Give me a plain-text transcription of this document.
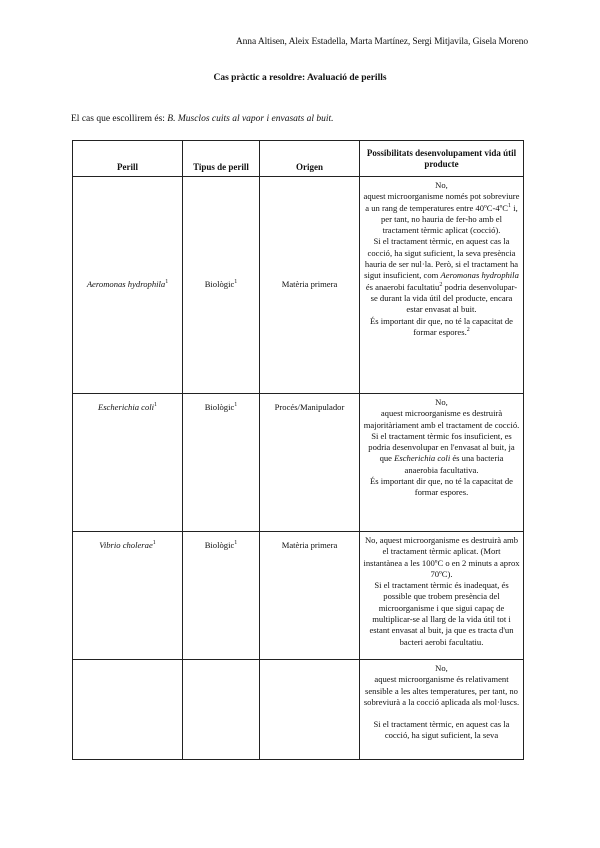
Anna Altisen, Aleix Estadella, Marta Martínez, Sergi Mitjavila, Gisela Moreno
Cas pràctic a resoldre: Avaluació de perills
El cas que escollirem és: B. Musclos cuits al vapor i envasats al buit.
Perill	Tipus de perill	Origen	Possibilitats desenvolupament vida útil producte
Aeromonas hydrophila$^1$	Biològic$^1$	Matèria primera	No,
aquest microorganisme només pot sobreviure a un rang de temperatures entre 40ºC-4ºC$^1$ i, per tant, no hauria de fer-ho amb el tractament tèrmic aplicat (cocció).
Si el tractament tèrmic, en aquest cas la cocció, ha sigut suficient, la seva presència hauria de ser nul·la. Però, si el tractament ha sigut insuficient, com Aeromonas hydrophila és anaerobi facultatiu$^2$ podria desenvolupar-se durant la vida útil del producte, encara estar envasat al buit.
És important dir que, no té la capacitat de formar espores.$^2$

Escherichia coli$^1$	Biològic$^1$	Procés/Manipulador	No,
aquest microorganisme es destruirà majoritàriament amb el tractament de cocció.
Si el tractament tèrmic fos insuficient, es podria desenvolupar en l'envasat al buit, ja que Escherichia coli és una bacteria anaerobia facultativa.
És important dir que, no té la capacitat de formar espores.

Vibrio cholerae$^1$	Biològic$^1$	Matèria primera	No, aquest microorganisme es destruirà amb el tractament tèrmic aplicat. (Mort instantànea a les 100ºC o en 2 minuts a aprox 70ºC).
Si el tractament tèrmic és inadequat, és possible que trobem presència del microorganisme i que sigui capaç de multiplicar-se al llarg de la vida útil tot i estant envasat al buit, ja que es tracta d'un bacteri aerobi facultatiu.

			No,
aquest microorganisme és relativament sensible a les altes temperatures, per tant, no sobreviurà a la cocció aplicada als mol·luscs.
Si el tractament tèrmic, en aquest cas la cocció, ha sigut suficient, la seva
